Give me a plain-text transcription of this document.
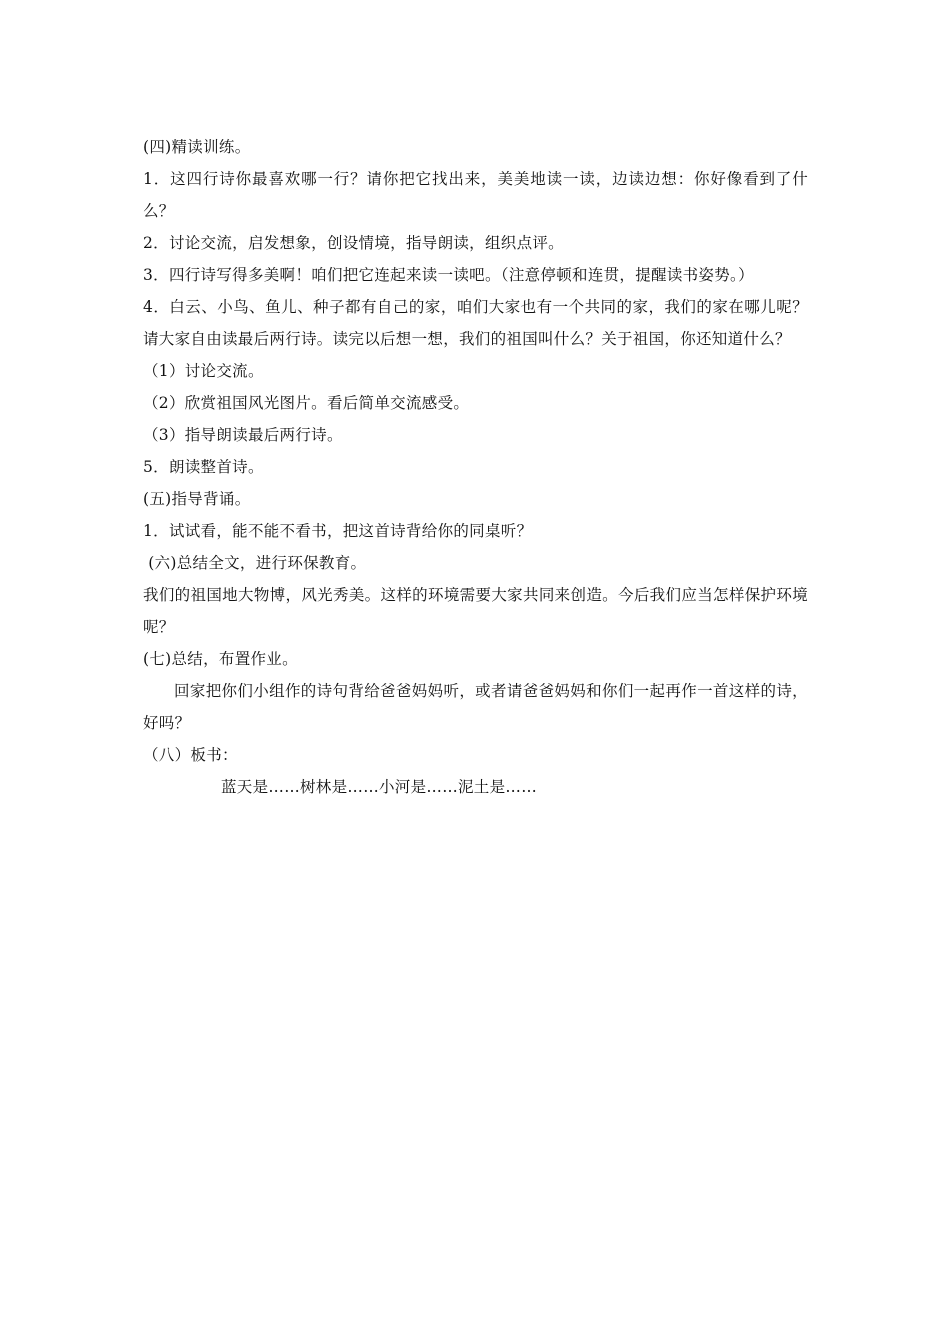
(四)精读训练。
1．这四行诗你最喜欢哪一行？请你把它找出来，美美地读一读，边读边想：你好像看到了什么？
2．讨论交流，启发想象，创设情境，指导朗读，组织点评。
3．四行诗写得多美啊！咱们把它连起来读一读吧。（注意停顿和连贯，提醒读书姿势。）
4．白云、小鸟、鱼儿、种子都有自己的家，咱们大家也有一个共同的家，我们的家在哪儿呢？请大家自由读最后两行诗。读完以后想一想，我们的祖国叫什么？关于祖国，你还知道什么？
（1）讨论交流。
（2）欣赏祖国风光图片。看后简单交流感受。
（3）指导朗读最后两行诗。
5．朗读整首诗。
(五)指导背诵。
1．试试看，能不能不看书，把这首诗背给你的同桌听？
(六)总结全文，进行环保教育。
我们的祖国地大物博，风光秀美。这样的环境需要大家共同来创造。今后我们应当怎样保护环境呢？
(七)总结，布置作业。
回家把你们小组作的诗句背给爸爸妈妈听，或者请爸爸妈妈和你们一起再作一首这样的诗，好吗？
（八）板书：
蓝天是……树林是……小河是……泥土是……
